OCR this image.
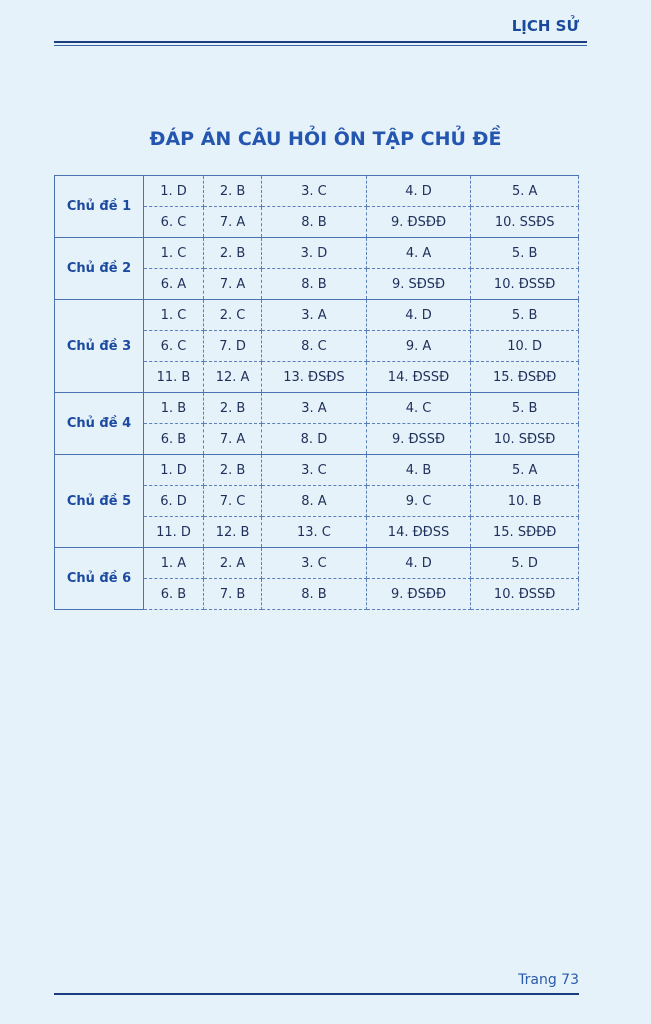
LỊCH SỬ
ĐÁP ÁN CÂU HỎI ÔN TẬP CHỦ ĐỀ
Chủ đề 1	1. D	2. B	3. C	4. D	5. A
	6. C	7. A	8. B	9. ĐSĐĐ	10. SSĐS
Chủ đề 2	1. C	2. B	3. D	4. A	5. B
	6. A	7. A	8. B	9. SĐSĐ	10. ĐSSĐ
Chủ đề 3	1. C	2. C	3. A	4. D	5. B
	6. C	7. D	8. C	9. A	10. D
	11. B	12. A	13. ĐSĐS	14. ĐSSĐ	15. ĐSĐĐ
Chủ đề 4	1. B	2. B	3. A	4. C	5. B
	6. B	7. A	8. D	9. ĐSSĐ	10. SĐSĐ
Chủ đề 5	1. D	2. B	3. C	4. B	5. A
	6. D	7. C	8. A	9. C	10. B
	11. D	12. B	13. C	14. ĐĐSS	15. SĐĐĐ
Chủ đề 6	1. A	2. A	3. C	4. D	5. D
	6. B	7. B	8. B	9. ĐSĐĐ	10. ĐSSĐ
Trang 73
